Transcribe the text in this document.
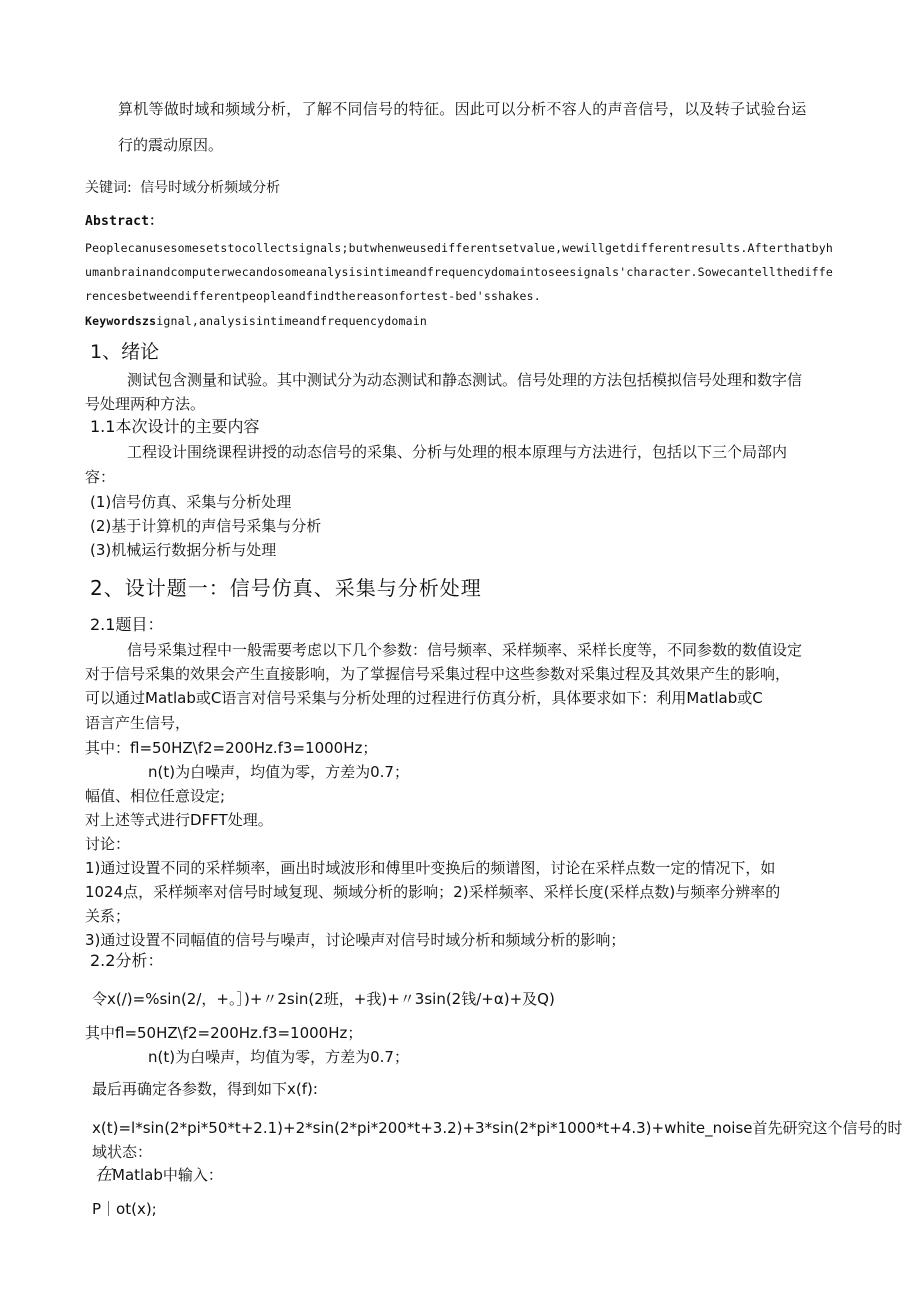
算机等做时域和频域分析，了解不同信号的特征。因此可以分析不容人的声音信号，以及转子试验台运
行的震动原因。
关键词: 信号时域分析频域分析
Abstract：
Peoplecanusesomesetstocollectsignals;butwhenweusedifferentsetvalue,wewillgetdifferentresults.Afterthatbyh
umanbrainandcomputerwecandosomeanalysisintimeandfrequencydomaintoseesignals'character.Sowecantellthediffe
rencesbetweendifferentpeopleandfindthereasonfortest-bed'sshakes.
Keywordszsignal,analysisintimeandfrequencydomain
1、绪论
测试包含测量和试验。其中测试分为动态测试和静态测试。信号处理的方法包括模拟信号处理和数字信
号处理两种方法。
1.1本次设计的主要内容
工程设计围绕课程讲授的动态信号的采集、分析与处理的根本原理与方法进行，包括以下三个局部内
容：
(1)信号仿真、采集与分析处理
(2)基于计算机的声信号采集与分析
(3)机械运行数据分析与处理
2、设计题一：信号仿真、采集与分析处理
2.1题目：
信号采集过程中一般需要考虑以下几个参数：信号频率、采样频率、采样长度等，不同参数的数值设定
对于信号采集的效果会产生直接影响，为了掌握信号采集过程中这些参数对采集过程及其效果产生的影响，
可以通过Matlab或C语言对信号采集与分析处理的过程进行仿真分析，具体要求如下：利用Matlab或C
语言产生信号，
其中：fl=50HZ\f2=200Hz.f3=1000Hz；
n(t)为白噪声，均值为零，方差为0.7；
幅值、相位任意设定;
对上述等式进行DFFT处理。
讨论：
1)通过设置不同的采样频率，画出时域波形和傅里叶变换后的频谱图，讨论在采样点数一定的情况下，如
1024点，采样频率对信号时域复现、频域分析的影响；2)采样频率、采样长度(采样点数)与频率分辨率的
关系；
3)通过设置不同幅值的信号与噪声，讨论噪声对信号时域分析和频域分析的影响；
2.2分析：
令x(/)=%sin(2/，+。］)+〃2sin(2班，+我)+〃3sin(2钱/+α)+及Q)
其中fl=50HZ\f2=200Hz.f3=1000Hz；
n(t)为白噪声，均值为零，方差为0.7；
最后再确定各参数，得到如下x(f):
x(t)=l*sin(2*pi*50*t+2.1)+2*sin(2*pi*200*t+3.2)+3*sin(2*pi*1000*t+4.3)+white_noise首先研究这个信号的时
域状态：
在Matlab中输入：
P｜ot(x);
